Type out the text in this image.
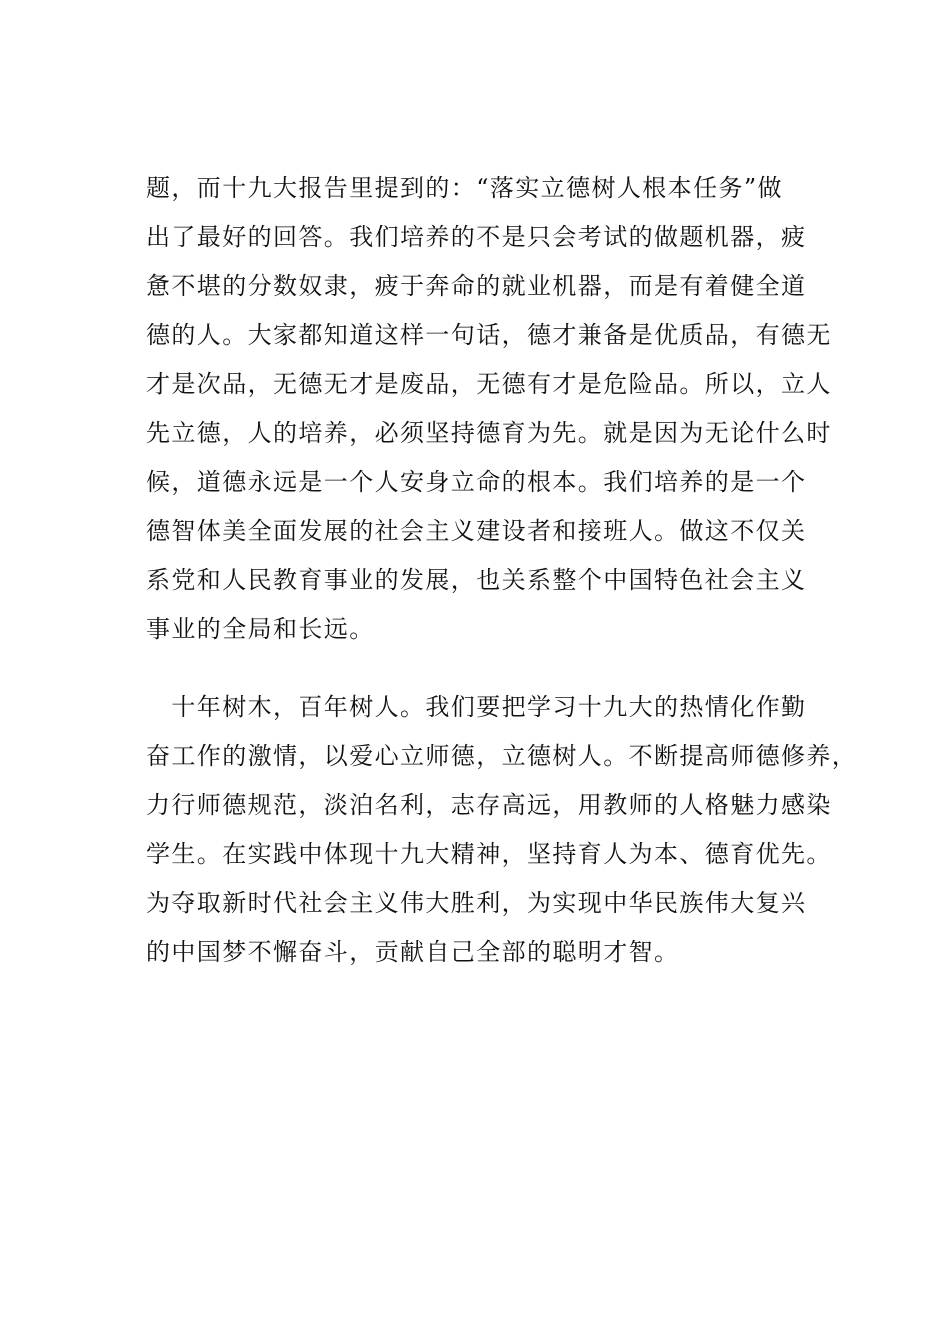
题，而十九大报告里提到的：“落实立德树人根本任务”做
出了最好的回答。我们培养的不是只会考试的做题机器，疲
惫不堪的分数奴隶，疲于奔命的就业机器，而是有着健全道
德的人。大家都知道这样一句话，德才兼备是优质品，有德无
才是次品，无德无才是废品，无德有才是危险品。所以，立人
先立德，人的培养，必须坚持德育为先。就是因为无论什么时
候，道德永远是一个人安身立命的根本。我们培养的是一个
德智体美全面发展的社会主义建设者和接班人。做这不仅关
系党和人民教育事业的发展，也关系整个中国特色社会主义
事业的全局和长远。
　十年树木，百年树人。我们要把学习十九大的热情化作勤
奋工作的激情，以爱心立师德，立德树人。不断提高师德修养，
力行师德规范，淡泊名利，志存高远，用教师的人格魅力感染
学生。在实践中体现十九大精神，坚持育人为本、德育优先。
为夺取新时代社会主义伟大胜利，为实现中华民族伟大复兴
的中国梦不懈奋斗，贡献自己全部的聪明才智。
